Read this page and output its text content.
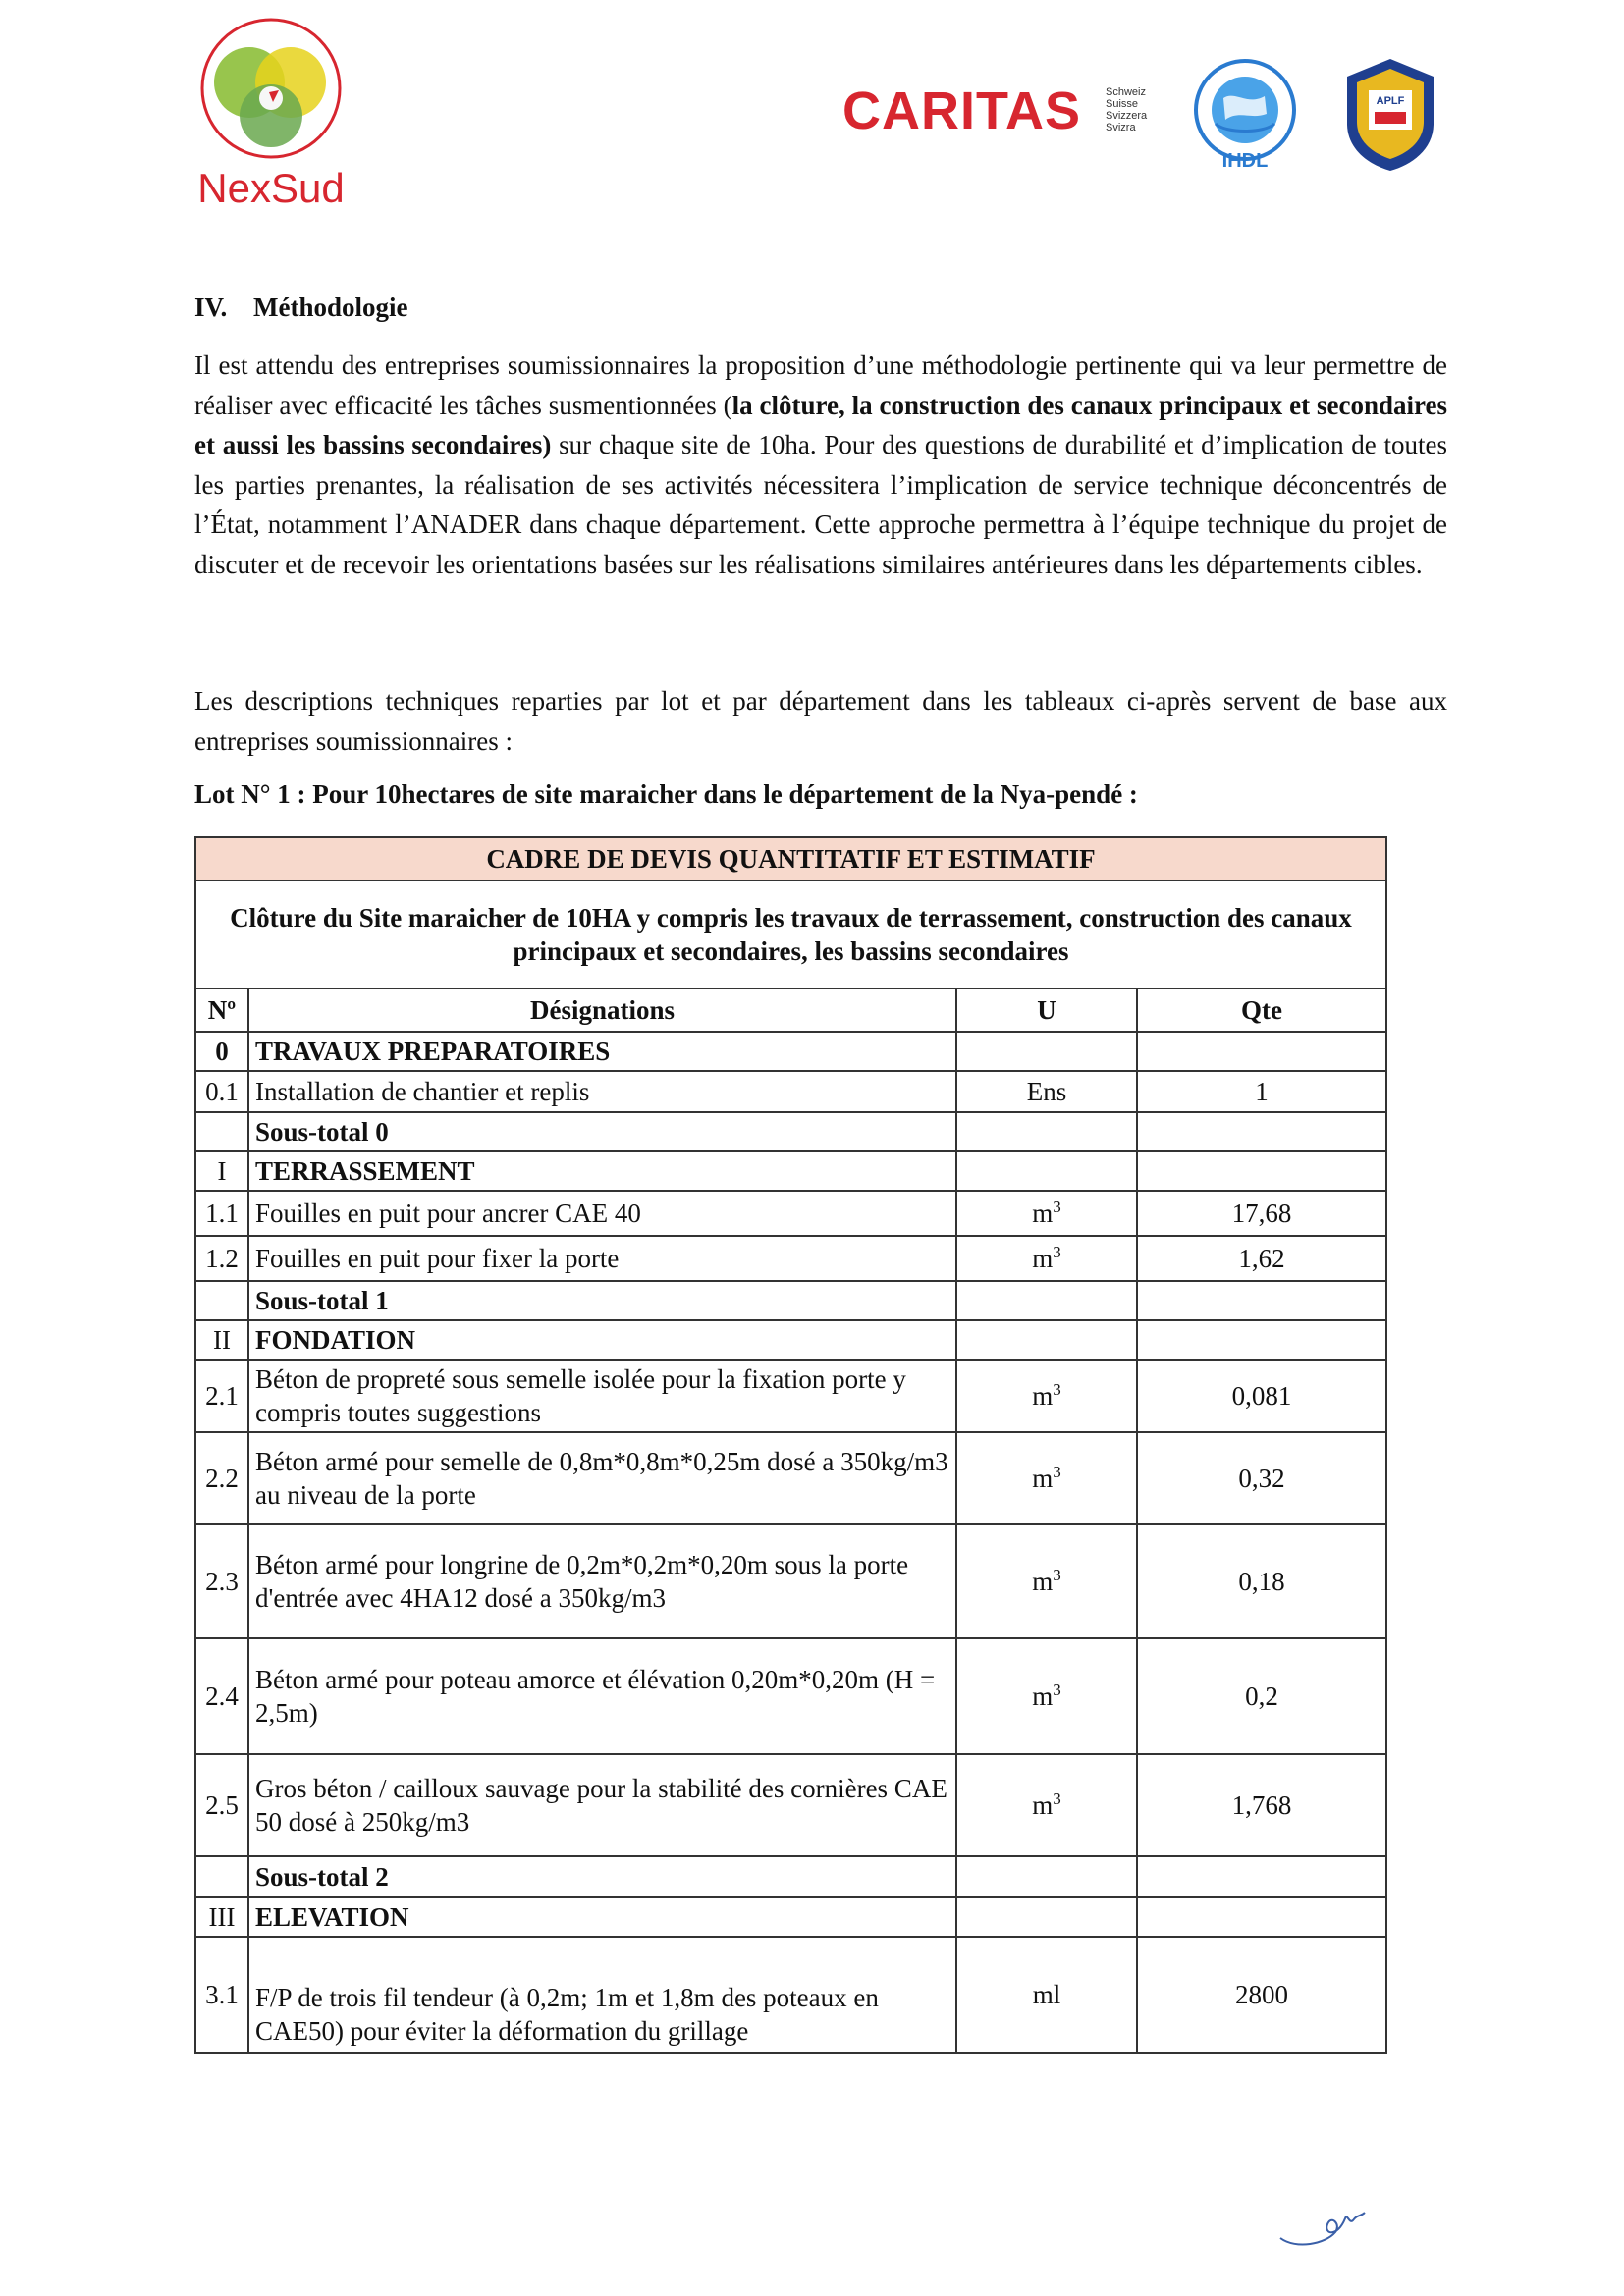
NexSud
CARITAS Schweiz
Suisse
Svizzera
Svizra
IHDL
APLF
IV. Méthodologie
Il est attendu des entreprises soumissionnaires la proposition d’une méthodologie pertinente qui va leur permettre de réaliser avec efficacité les tâches susmentionnées (la clôture, la construction des canaux principaux et secondaires et aussi les bassins secondaires) sur chaque site de 10ha. Pour des questions de durabilité et d’implication de toutes les parties prenantes, la réalisation de ses activités nécessitera l’implication de service technique déconcentrés de l’État, notamment l’ANADER dans chaque département. Cette approche permettra à l’équipe technique du projet de discuter et de recevoir les orientations basées sur les réalisations similaires antérieures dans les départements cibles.
Les descriptions techniques reparties par lot et par département dans les tableaux ci-après servent de base aux entreprises soumissionnaires :
Lot N° 1 : Pour 10hectares de site maraicher dans le département de la Nya-pendé :
CADRE DE DEVIS QUANTITATIF ET ESTIMATIF			
Clôture du Site maraicher de 10HA y compris les travaux de terrassement, construction des canaux principaux et secondaires, les bassins secondaires			
Nº	Désignations	U	Qte
0	TRAVAUX PREPARATOIRES		
0.1	Installation de chantier et replis	Ens	1
	Sous-total 0		
I	TERRASSEMENT		
1.1	Fouilles en puit pour ancrer CAE 40	$m^3$	17,68
1.2	Fouilles en puit pour fixer la porte	$m^3$	1,62
	Sous-total 1		
II	FONDATION		
2.1	Béton de propreté sous semelle isolée pour la fixation porte y compris toutes suggestions	$m^3$	0,081
2.2	Béton armé pour semelle de 0,8m*0,8m*0,25m dosé a 350kg/m3 au niveau de la porte	$m^3$	0,32
2.3	Béton armé pour longrine de 0,2m*0,2m*0,20m sous la porte d'entrée avec 4HA12 dosé a 350kg/m3	$m^3$	0,18
2.4	Béton armé pour poteau amorce et élévation 0,20m*0,20m (H = 2,5m)	$m^3$	0,2
2.5	Gros béton / cailloux sauvage pour la stabilité des cornières CAE 50 dosé à 250kg/m3	$m^3$	1,768
	Sous-total 2		
III	ELEVATION		
3.1	F/P de trois fil tendeur (à 0,2m; 1m et 1,8m des poteaux en CAE50) pour éviter la déformation du grillage	ml	2800
